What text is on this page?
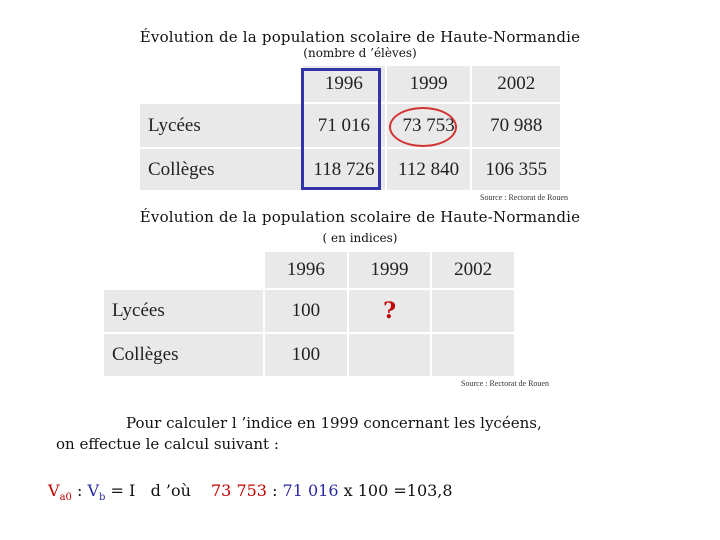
Évolution de la population scolaire de Haute-Normandie
(nombre d ’élèves)
	1996	1999	2002
Lycées	71 016	73 753	70 988
Collèges	118 726	112 840	106 355
Source : Rectorat de Rouen
Évolution de la population scolaire de Haute-Normandie
( en indices)
	1996	1999	2002
Lycées	100	?	
Collèges	100		
Source : Rectorat de Rouen
Pour calculer l ’indice en 1999 concernant les lycéens,
on effectue le calcul suivant :
$V_{a0}$ : $V_b = I$   d ’où 73 753 : 71 016 x 100 =103,8
